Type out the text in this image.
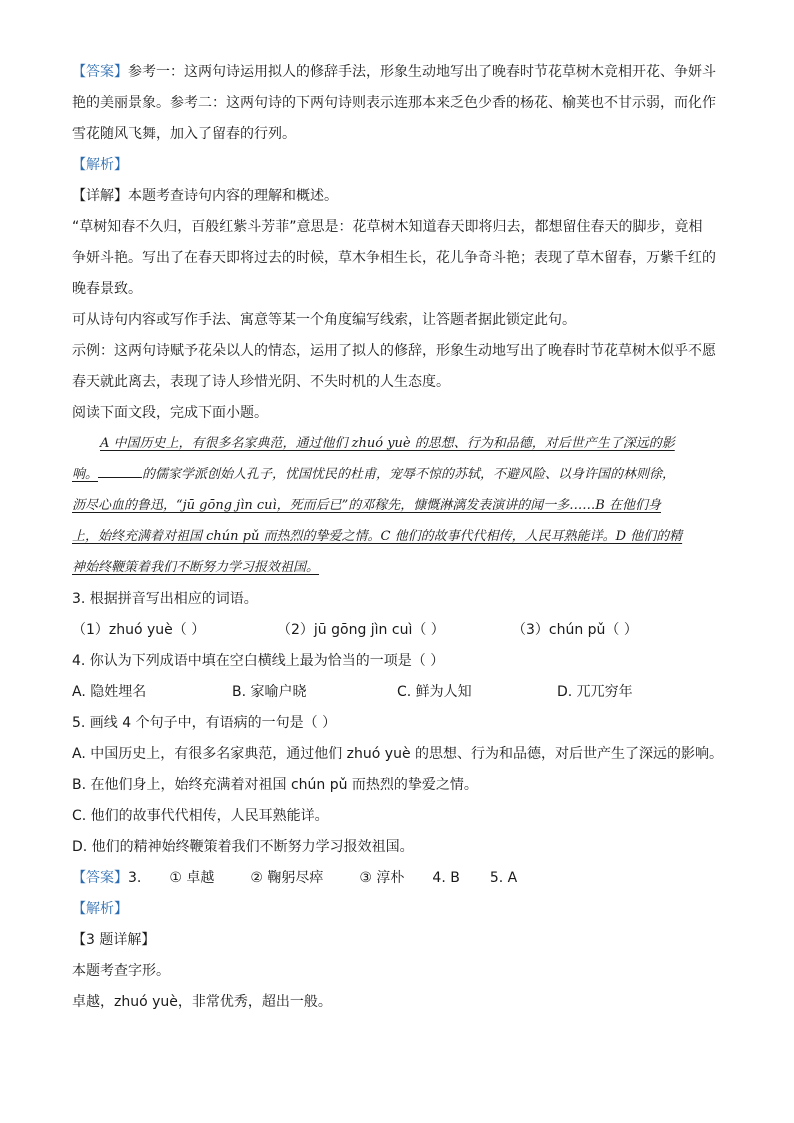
【答案】参考一：这两句诗运用拟人的修辞手法，形象生动地写出了晚春时节花草树木竞相开花、争妍斗
艳的美丽景象。参考二：这两句诗的下两句诗则表示连那本来乏色少香的杨花、榆荚也不甘示弱，而化作
雪花随风飞舞，加入了留春的行列。
【解析】
【详解】本题考查诗句内容的理解和概述。
“草树知春不久归，百般红紫斗芳菲”意思是：花草树木知道春天即将归去，都想留住春天的脚步，竟相
争妍斗艳。写出了在春天即将过去的时候，草木争相生长，花儿争奇斗艳；表现了草木留春，万紫千红的
晚春景致。
可从诗句内容或写作手法、寓意等某一个角度编写线索，让答题者据此锁定此句。
示例：这两句诗赋予花朵以人的情态，运用了拟人的修辞，形象生动地写出了晚春时节花草树木似乎不愿
春天就此离去，表现了诗人珍惜光阴、不失时机的人生态度。
阅读下面文段，完成下面小题。
A 中国历史上，有很多名家典范，通过他们 zhuó yuè 的思想、行为和品德，对后世产生了深远的影
响。	的儒家学派创始人孔子，忧国忧民的杜甫，宠辱不惊的苏轼，不避风险、以身许国的林则徐，
沥尽心血的鲁迅，“jū gōng jìn cuì，死而后已”的邓稼先，慷慨淋漓发表演讲的闻一多……B 在他们身
上，始终充满着对祖国 chún pǔ 而热烈的挚爱之情。C 他们的故事代代相传，人民耳熟能详。D 他们的精
神始终鞭策着我们不断努力学习报效祖国。
3. 根据拼音写出相应的词语。
（1）zhuó yuè（ ）	（2）jū gōng jìn cuì（ ）	（3）chún pǔ（ ）
4. 你认为下列成语中填在空白横线上最为恰当的一项是（ ）
A. 隐姓埋名	B. 家喻户晓	C. 鲜为人知	D. 兀兀穷年
5. 画线 4 个句子中，有语病的一句是（ ）
A. 中国历史上，有很多名家典范，通过他们 zhuó yuè 的思想、行为和品德，对后世产生了深远的影响。
B. 在他们身上，始终充满着对祖国 chún pǔ 而热烈的挚爱之情。
C. 他们的故事代代相传，人民耳熟能详。
D. 他们的精神始终鞭策着我们不断努力学习报效祖国。
【答案】3. ① 卓越	② 鞠躬尽瘁	③ 淳朴 4. B 5. A
【解析】
【3 题详解】
本题考查字形。
卓越，zhuó yuè，非常优秀，超出一般。
